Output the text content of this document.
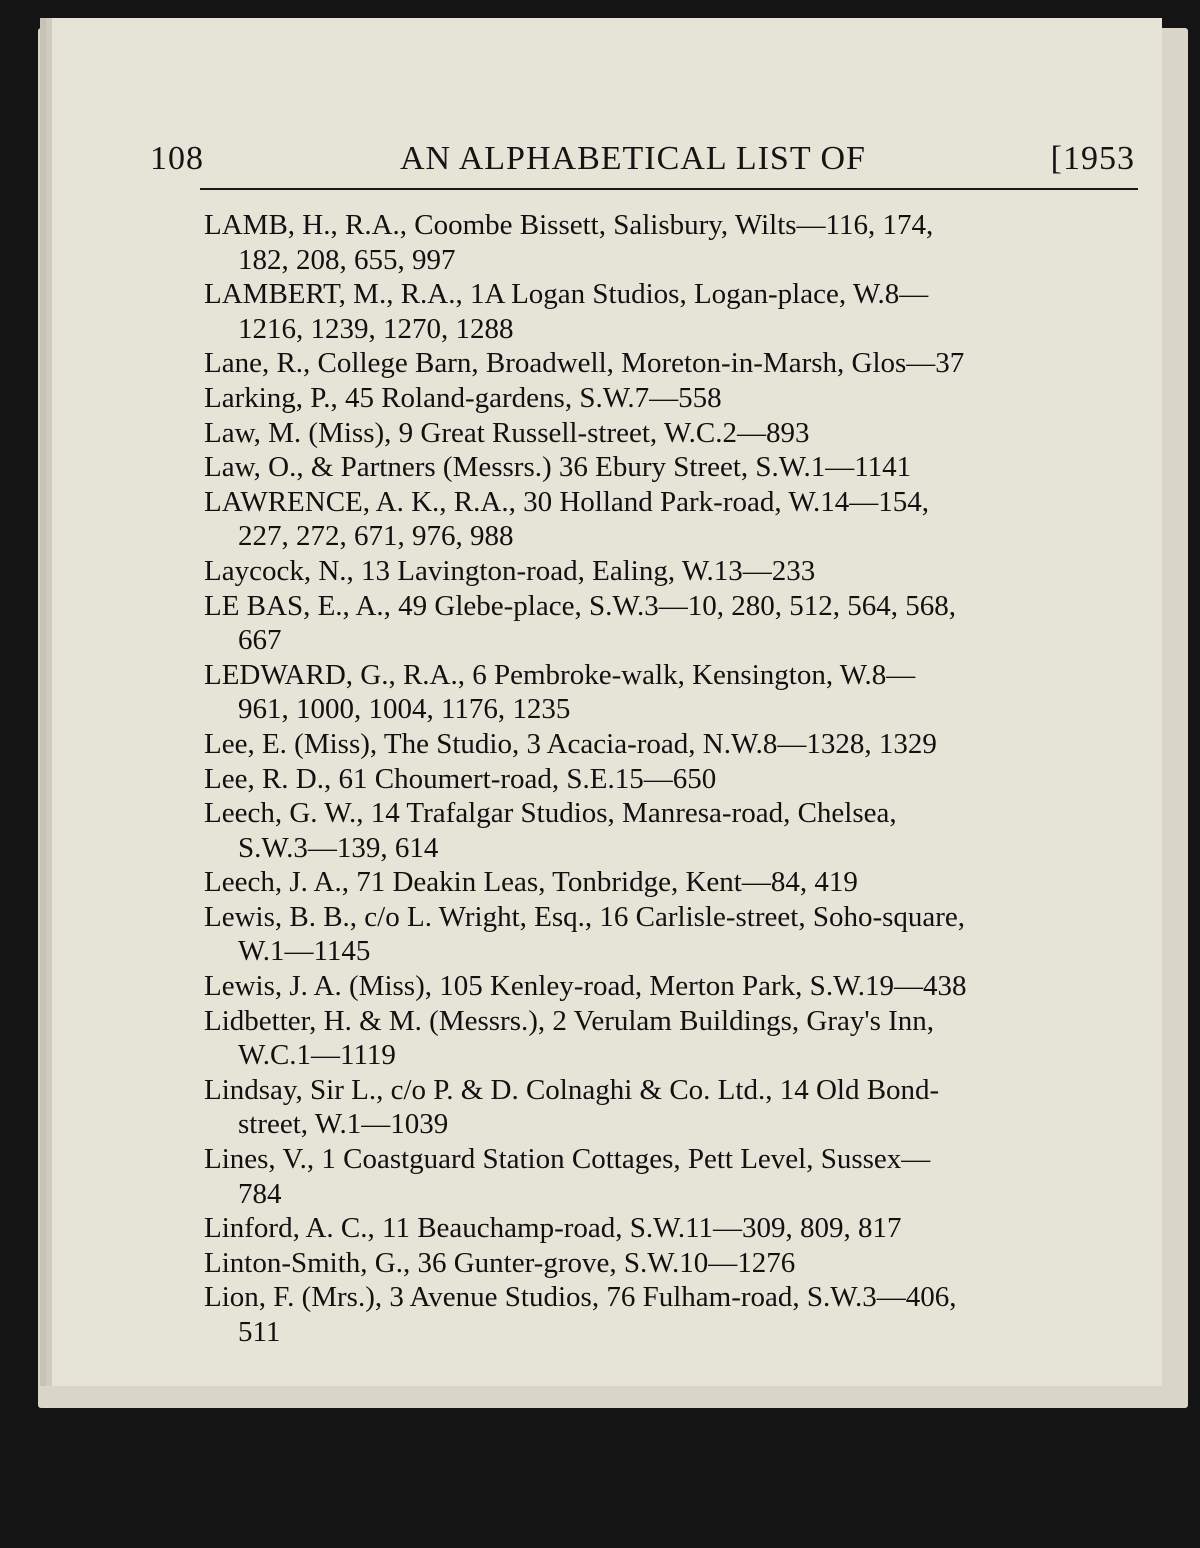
108	AN ALPHABETICAL LIST OF	[1953
LAMB, H., R.A., Coombe Bissett, Salisbury, Wilts—116, 174,
182, 208, 655, 997
LAMBERT, M., R.A., 1A Logan Studios, Logan-place, W.8—
1216, 1239, 1270, 1288
Lane, R., College Barn, Broadwell, Moreton-in-Marsh, Glos—37
Larking, P., 45 Roland-gardens, S.W.7—558
Law, M. (Miss), 9 Great Russell-street, W.C.2—893
Law, O., & Partners (Messrs.) 36 Ebury Street, S.W.1—1141
LAWRENCE, A. K., R.A., 30 Holland Park-road, W.14—154,
227, 272, 671, 976, 988
Laycock, N., 13 Lavington-road, Ealing, W.13—233
LE BAS, E., A., 49 Glebe-place, S.W.3—10, 280, 512, 564, 568,
667
LEDWARD, G., R.A., 6 Pembroke-walk, Kensington, W.8—
961, 1000, 1004, 1176, 1235
Lee, E. (Miss), The Studio, 3 Acacia-road, N.W.8—1328, 1329
Lee, R. D., 61 Choumert-road, S.E.15—650
Leech, G. W., 14 Trafalgar Studios, Manresa-road, Chelsea,
S.W.3—139, 614
Leech, J. A., 71 Deakin Leas, Tonbridge, Kent—84, 419
Lewis, B. B., c/o L. Wright, Esq., 16 Carlisle-street, Soho-square,
W.1—1145
Lewis, J. A. (Miss), 105 Kenley-road, Merton Park, S.W.19—438
Lidbetter, H. & M. (Messrs.), 2 Verulam Buildings, Gray's Inn,
W.C.1—1119
Lindsay, Sir L., c/o P. & D. Colnaghi & Co. Ltd., 14 Old Bond-
street, W.1—1039
Lines, V., 1 Coastguard Station Cottages, Pett Level, Sussex—
784
Linford, A. C., 11 Beauchamp-road, S.W.11—309, 809, 817
Linton-Smith, G., 36 Gunter-grove, S.W.10—1276
Lion, F. (Mrs.), 3 Avenue Studios, 76 Fulham-road, S.W.3—406,
511
